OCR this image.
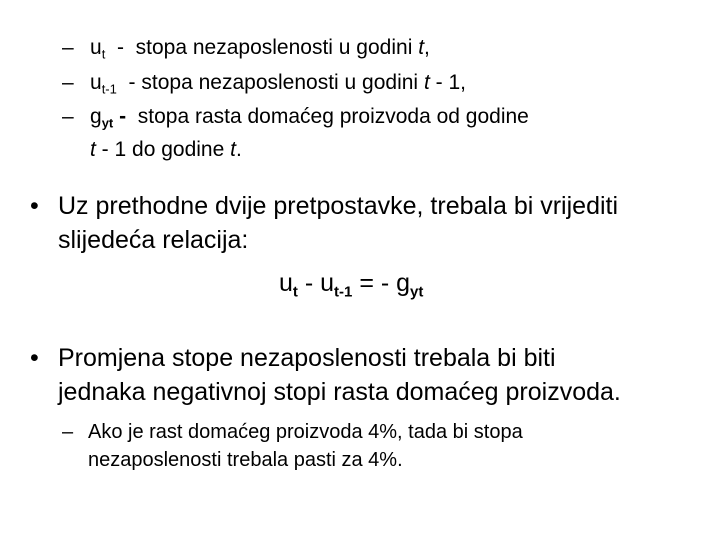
– $u_t$  -  stopa nezaposlenosti u godini t,
– $u_{t-1}$  - stopa nezaposlenosti u godini t - 1,
– $g_{yt}$ -  stopa rasta domaćeg proizvoda od godine
t - 1 do godine t.
• Uz prethodne dvije pretpostavke, trebala bi vrijediti
slijedeća relacija:
$u_t - u_{t-1}$ = - $g_{yt}$
• Promjena stope nezaposlenosti trebala bi biti
jednaka negativnoj stopi rasta domaćeg proizvoda.
– Ako je rast domaćeg proizvoda 4%, tada bi stopa
nezaposlenosti trebala pasti za 4%.
